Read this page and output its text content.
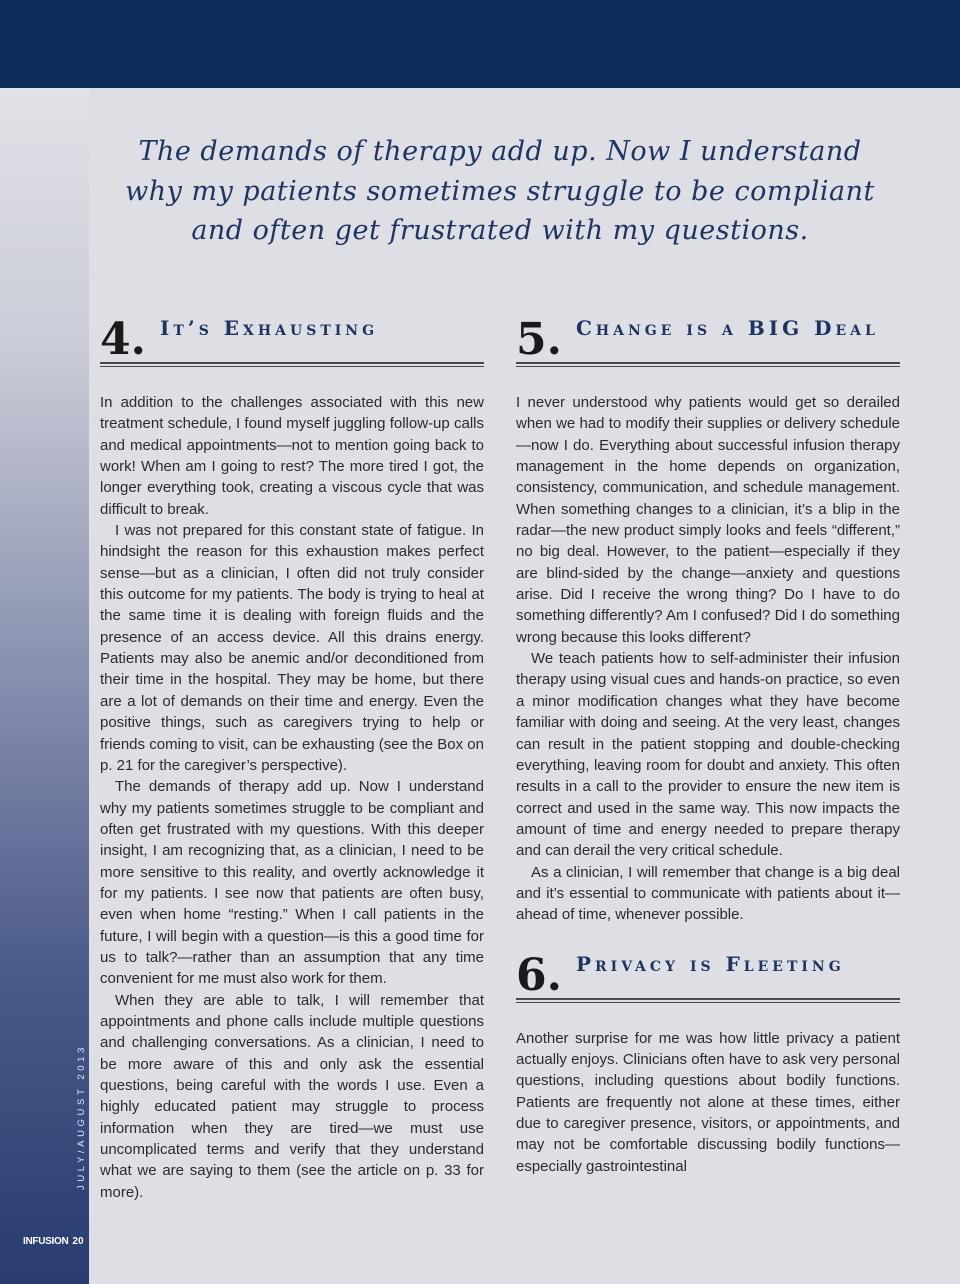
JULY/AUGUST 2013
INFUSION 20
The demands of therapy add up. Now I understand why my patients sometimes struggle to be compliant and often get frustrated with my questions.
4. It’s Exhausting

In addition to the challenges associated with this new treatment schedule, I found myself juggling follow-up calls and medical appointments—not to mention going back to work! When am I going to rest? The more tired I got, the longer everything took, creating a viscous cycle that was difficult to break.

I was not prepared for this constant state of fatigue. In hindsight the reason for this exhaustion makes perfect sense—but as a clinician, I often did not truly consider this outcome for my patients. The body is trying to heal at the same time it is dealing with foreign fluids and the presence of an access device. All this drains energy. Patients may also be anemic and/or deconditioned from their time in the hospital. They may be home, but there are a lot of demands on their time and energy. Even the positive things, such as caregivers trying to help or friends coming to visit, can be exhausting (see the Box on p. 21 for the caregiver’s perspective).

The demands of therapy add up. Now I understand why my patients sometimes struggle to be compliant and often get frustrated with my questions. With this deeper insight, I am recognizing that, as a clinician, I need to be more sensitive to this reality, and overtly acknowledge it for my patients. I see now that patients are often busy, even when home “resting.” When I call patients in the future, I will begin with a question—is this a good time for us to talk?—rather than an assumption that any time convenient for me must also work for them.

When they are able to talk, I will remember that appointments and phone calls include multiple questions and challenging conversations. As a clinician, I need to be more aware of this and only ask the essential questions, being careful with the words I use. Even a highly educated patient may struggle to process information when they are tired—we must use uncomplicated terms and verify that they understand what we are saying to them (see the article on p. 33 for more).

5. Change is a BIG Deal

I never understood why patients would get so derailed when we had to modify their supplies or delivery schedule—now I do. Everything about successful infusion therapy management in the home depends on organization, consistency, communication, and schedule management. When something changes to a clinician, it’s a blip in the radar—the new product simply looks and feels “different,” no big deal. However, to the patient—especially if they are blind-sided by the change—anxiety and questions arise. Did I receive the wrong thing? Do I have to do something differently? Am I confused? Did I do something wrong because this looks different?

We teach patients how to self-administer their infusion therapy using visual cues and hands-on practice, so even a minor modification changes what they have become familiar with doing and seeing. At the very least, changes can result in the patient stopping and double-checking everything, leaving room for doubt and anxiety. This often results in a call to the provider to ensure the new item is correct and used in the same way. This now impacts the amount of time and energy needed to prepare therapy and can derail the very critical schedule.

As a clinician, I will remember that change is a big deal and it’s essential to communicate with patients about it—ahead of time, whenever possible.

6. Privacy is Fleeting

Another surprise for me was how little privacy a patient actually enjoys. Clinicians often have to ask very personal questions, including questions about bodily functions. Patients are frequently not alone at these times, either due to caregiver presence, visitors, or appointments, and may not be comfortable discussing bodily functions—especially gastrointestinal
